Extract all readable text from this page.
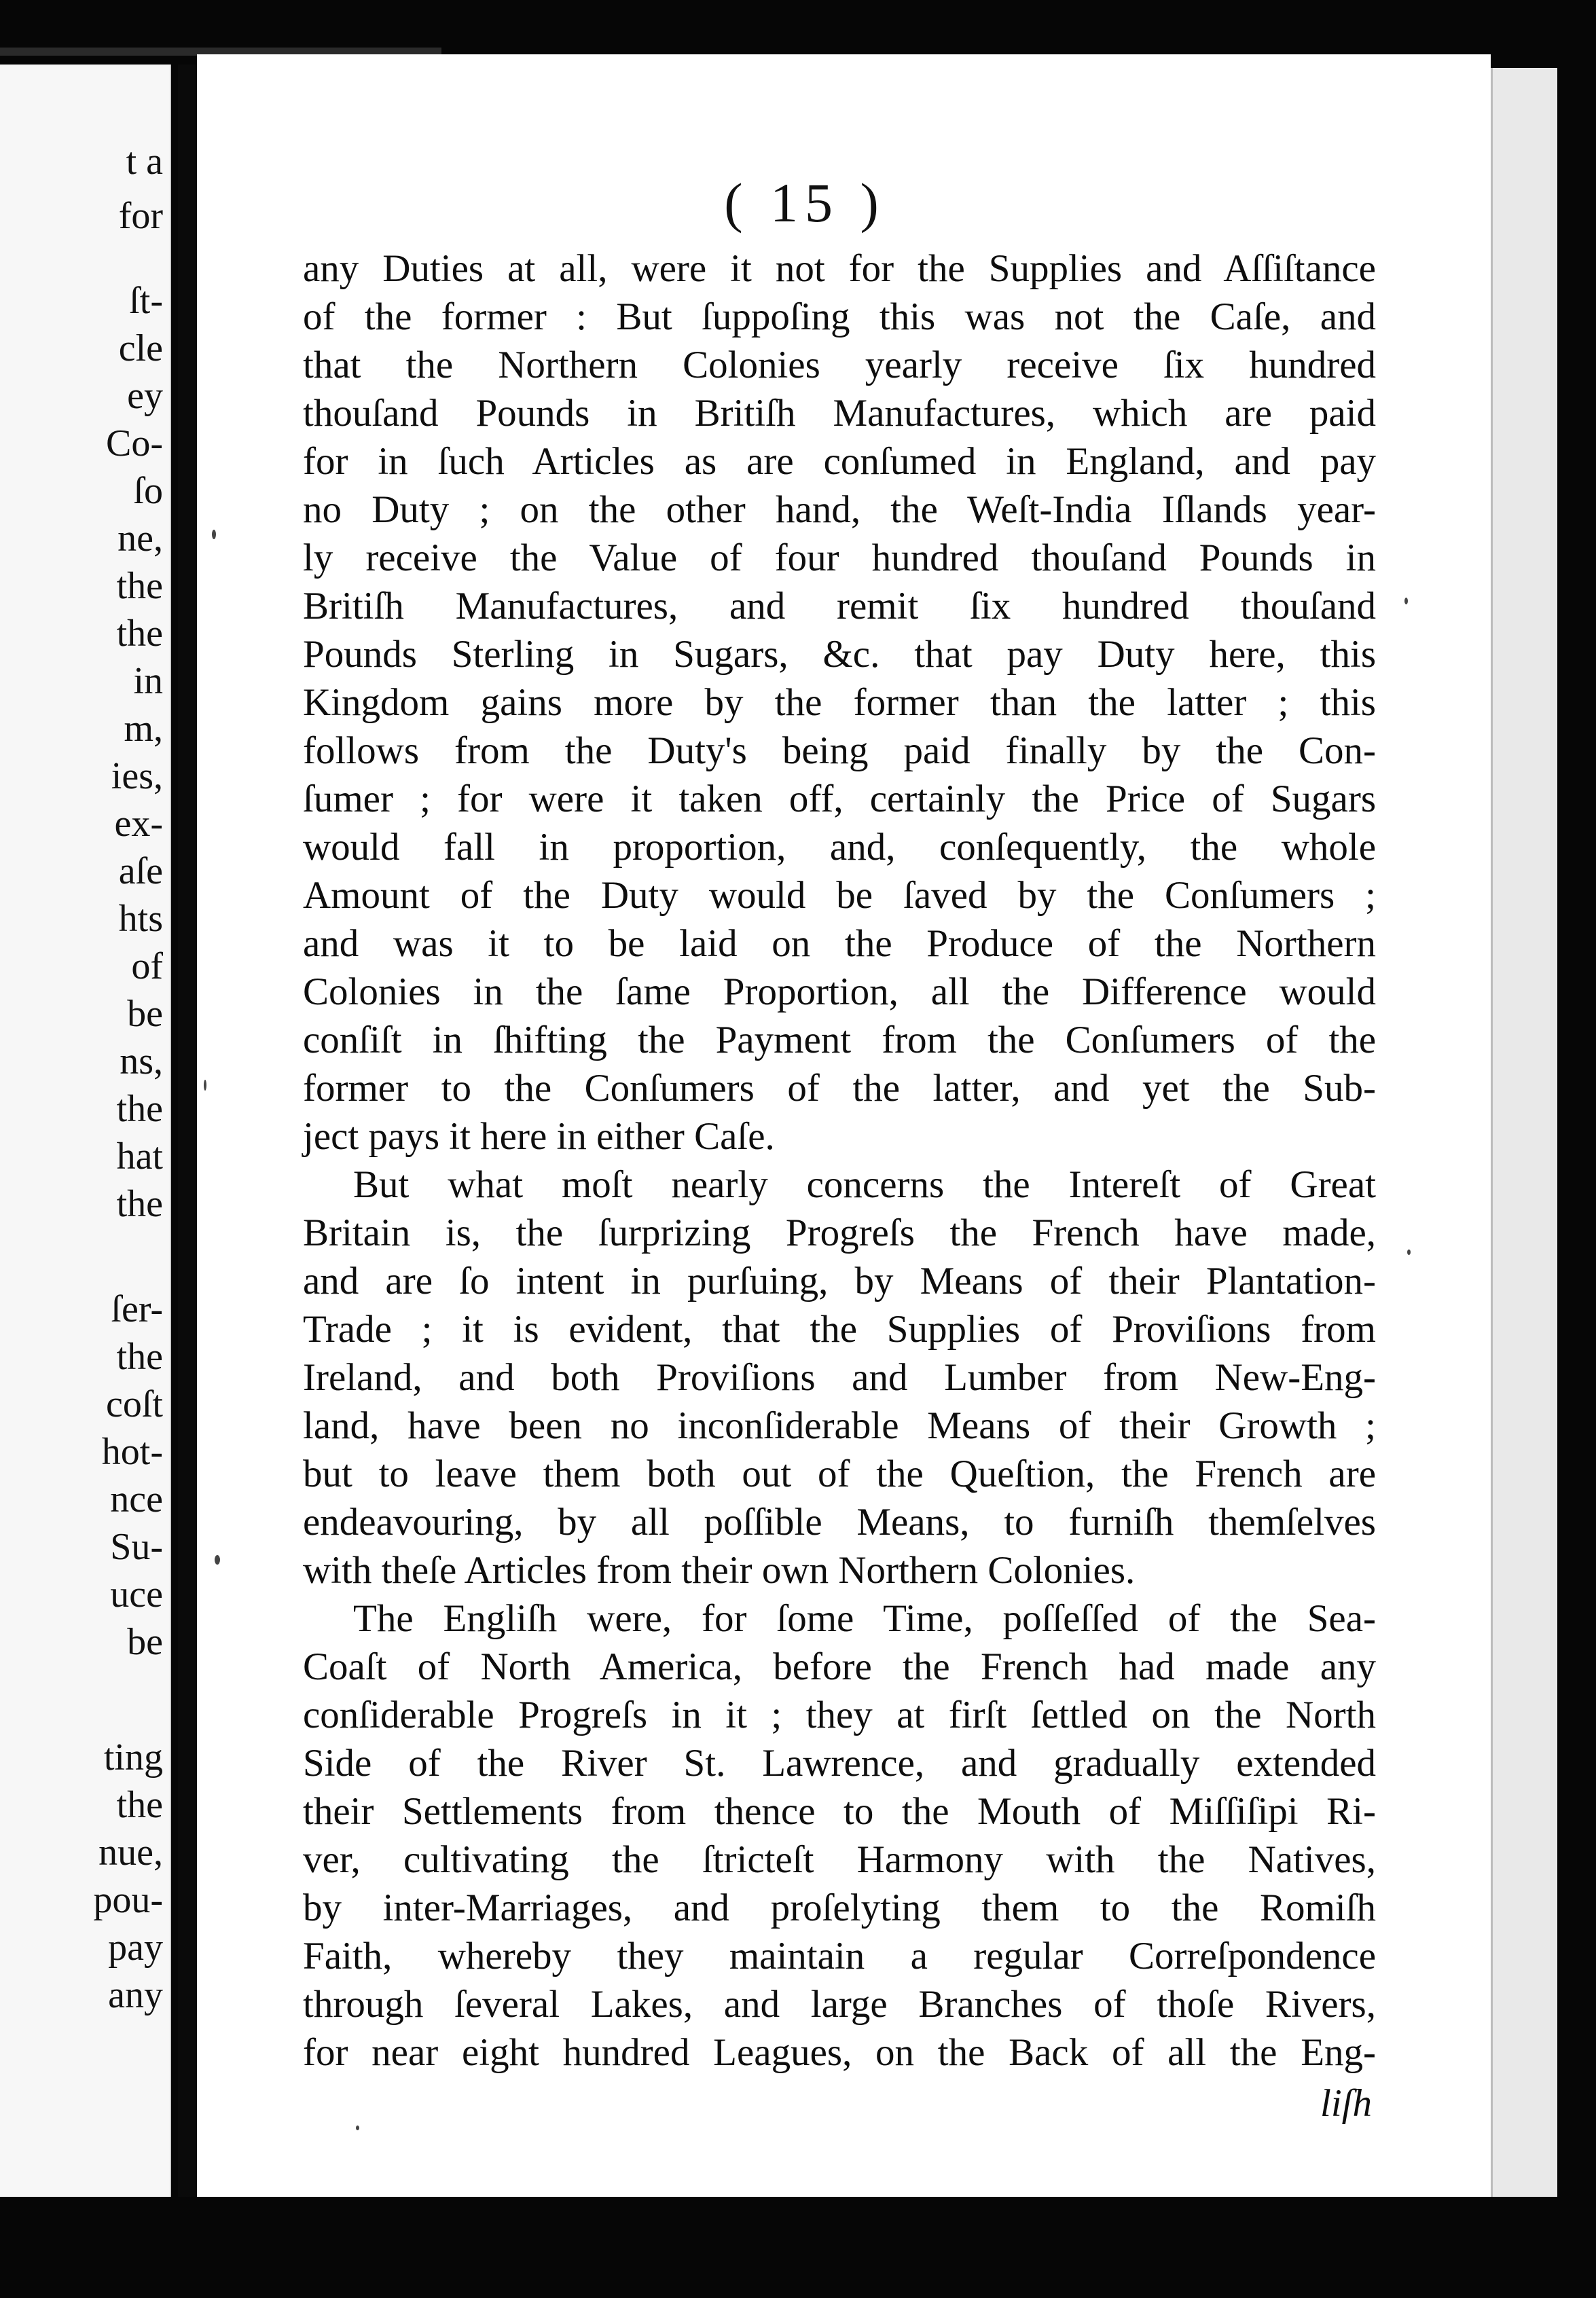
t a
for
ſt-
cle
ey
Co-
ſo
ne,
the
the
in
m,
ies,
ex-
aſe
hts
of
be
ns,
the
hat
the
ſer-
the
coſt
hot-
nce
Su-
uce
be
ting
the
nue,
pou-
pay
any
( 15 )
any Duties at all, were it not for the Supplies and Aſſiſtance
of the former : But ſuppoſing this was not the Caſe, and
that the Northern Colonies yearly receive ſix hundred
thouſand Pounds in Britiſh Manufactures, which are paid
for in ſuch Articles as are conſumed in England, and pay
no Duty ; on the other hand, the Weſt-India Iſlands year-
ly receive the Value of four hundred thouſand Pounds in
Britiſh Manufactures, and remit ſix hundred thouſand
Pounds Sterling in Sugars, &c. that pay Duty here, this
Kingdom gains more by the former than the latter ; this
follows from the Duty's being paid finally by the Con-
ſumer ; for were it taken off, certainly the Price of Sugars
would fall in proportion, and, conſequently, the whole
Amount of the Duty would be ſaved by the Conſumers ;
and was it to be laid on the Produce of the Northern
Colonies in the ſame Proportion, all the Difference would
conſiſt in ſhifting the Payment from the Conſumers of the
former to the Conſumers of the latter, and yet the Sub-
ject pays it here in either Caſe.
But what moſt nearly concerns the Intereſt of Great
Britain is, the ſurprizing Progreſs the French have made,
and are ſo intent in purſuing, by Means of their Plantation-
Trade ; it is evident, that the Supplies of Proviſions from
Ireland, and both Proviſions and Lumber from New-Eng-
land, have been no inconſiderable Means of their Growth ;
but to leave them both out of the Queſtion, the French are
endeavouring, by all poſſible Means, to furniſh themſelves
with theſe Articles from their own Northern Colonies.
The Engliſh were, for ſome Time, poſſeſſed of the Sea-
Coaſt of North America, before the French had made any
conſiderable Progreſs in it ; they at firſt ſettled on the North
Side of the River St. Lawrence, and gradually extended
their Settlements from thence to the Mouth of Miſſiſipi Ri-
ver, cultivating the ſtricteſt Harmony with the Natives,
by inter-Marriages, and proſelyting them to the Romiſh
Faith, whereby they maintain a regular Correſpondence
through ſeveral Lakes, and large Branches of thoſe Rivers,
for near eight hundred Leagues, on the Back of all the Eng-
liſh
